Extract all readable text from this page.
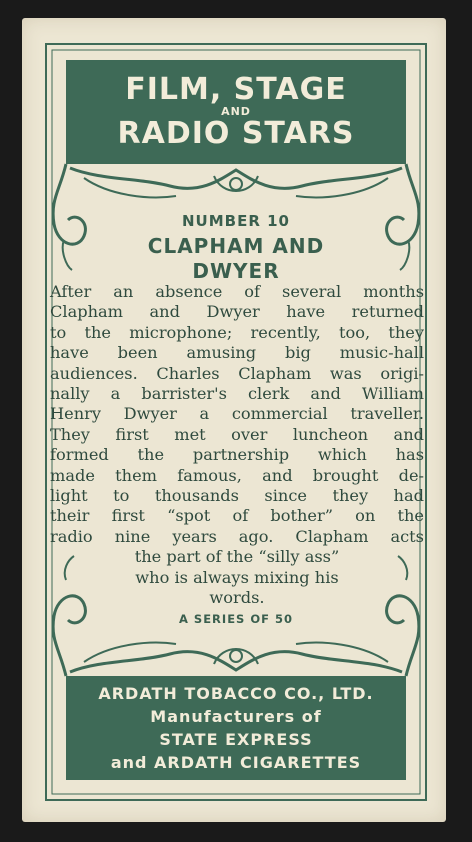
FILM, STAGE
AND
RADIO STARS
NUMBER 10
CLAPHAM AND
DWYER
After an absence of several months
Clapham and Dwyer have returned
to the microphone; recently, too, they
have been amusing big music-hall
audiences. Charles Clapham was origi-
nally a barrister's clerk and William
Henry Dwyer a commercial traveller.
They first met over luncheon and
formed the partnership which has
made them famous, and brought de-
light to thousands since they had
their first “spot of bother” on the
radio nine years ago. Clapham acts
the part of the “silly ass”
who is always mixing his
words.
A SERIES OF 50
ARDATH TOBACCO CO., LTD.
Manufacturers of
STATE EXPRESS
and ARDATH CIGARETTES
